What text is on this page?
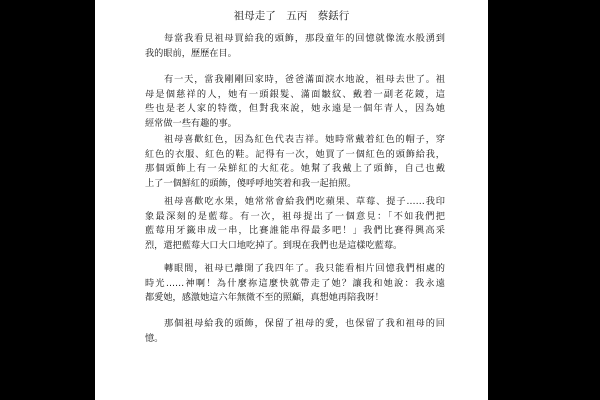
祖母走了　五丙　蔡銩行
每當我看見祖母買給我的頭飾，那段童年的回憶就像流水般湧到
我的眼前，歷歷在目。
有一天，當我剛剛回家時，爸爸滿面淚水地說，祖母去世了。祖
母是個慈祥的人，她有一頭銀髮、滿面皺紋、戴着一副老花鏡，這
些也是老人家的特徵，但對我來說，她永遠是一個年青人，因為她
經常做一些有趣的事。
祖母喜歡紅色，因為紅色代表吉祥。她時常戴着紅色的帽子，穿
紅色的衣服、紅色的鞋。記得有一次，她買了一個紅色的頭飾給我，
那個頭飾上有一朵鮮紅的大紅花。她幫了我戴上了頭飾，自己也戴
上了一個鮮紅的頭飾，傻呼呼地笑着和我一起拍照。
祖母喜歡吃水果，她常常會給我們吃蘋果、草莓、提子……我印
象最深刻的是藍莓。有一次，祖母提出了一個意見：「不如我們把
藍莓用牙籤串成一串，比賽誰能串得最多吧！」我們比賽得興高采
烈，還把藍莓大口大口地吃掉了。到現在我們也是這樣吃藍莓。
轉眼間，祖母已離開了我四年了。我只能看相片回憶我們相處的
時光……神啊！為什麼祢這麼快就帶走了她？讓我和她說：我永遠
都愛她，感激她這六年無微不至的照顧，真想她再陪我呀！
那個祖母給我的頭飾，保留了祖母的愛，也保留了我和祖母的回
憶。
